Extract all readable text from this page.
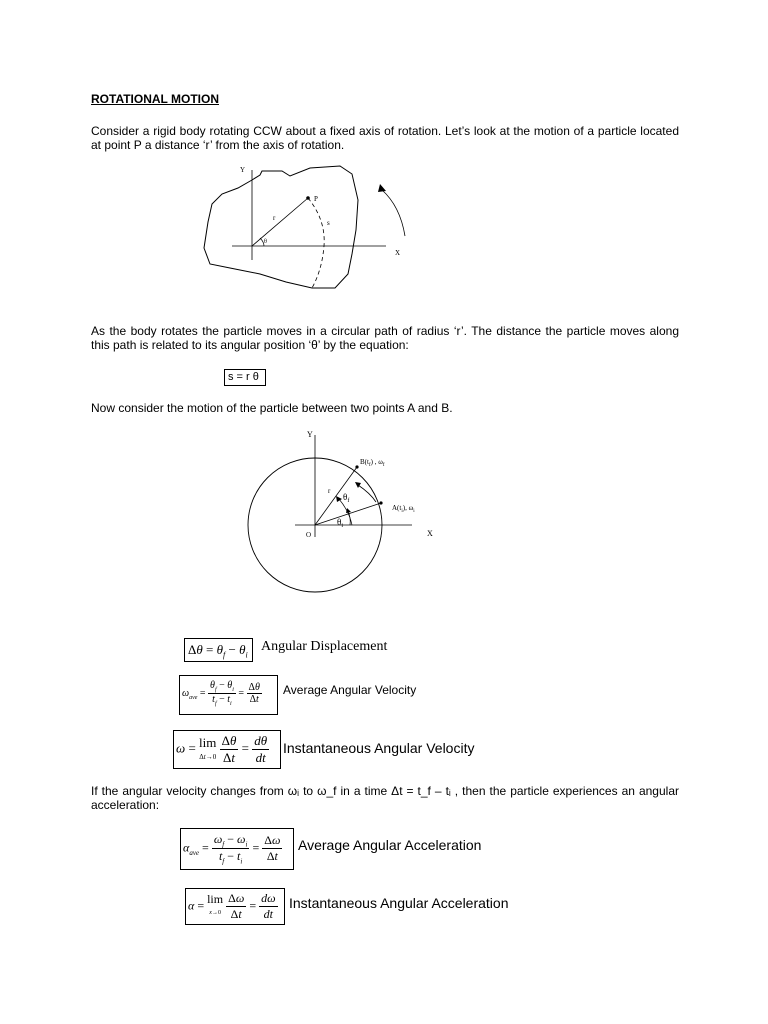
ROTATIONAL MOTION
Consider a rigid body rotating CCW about a fixed axis of rotation. Let’s look at the motion of a particle located at point P a distance ‘r’ from the axis of rotation.
Y
X
P
r
s
θ
As the body rotates the particle moves in a circular path of radius ‘r’. The distance the particle moves along this path is related to its angular position ‘θ’ by the equation:
s = r θ
Now consider the motion of the particle between two points A and B.
Y
X
O
r
$B(t_f)$ , $\omega_f$
$A(t_i)$, $\omega_i$
$\theta_f$
$\theta_i$
$\Delta\theta = \theta_f - \theta_i$
Angular Displacement
$\omega_{ave} = \frac{\theta_f - \theta_i}{t_f - t_i} = \frac{\Delta\theta}{\Delta t}$ Average Angular Velocity
ω = lim
$\Delta t\to 0 \frac{\Delta\theta}{\Delta t} = \frac{d\theta}{dt}$ Instantaneous Angular Velocity
If the angular velocity changes from ωᵢ to ω_f in a time Δt = t_f – tᵢ , then the particle experiences an angular acceleration:
$\alpha_{ave} = \frac{\omega_f - \omega_i}{t_f - t_i} = \frac{\Delta\omega}{\Delta t}$ Average Angular Acceleration
α = lim
$x\to 0 \frac{\Delta\omega}{\Delta t} = \frac{d\omega}{dt}$ Instantaneous Angular Acceleration
